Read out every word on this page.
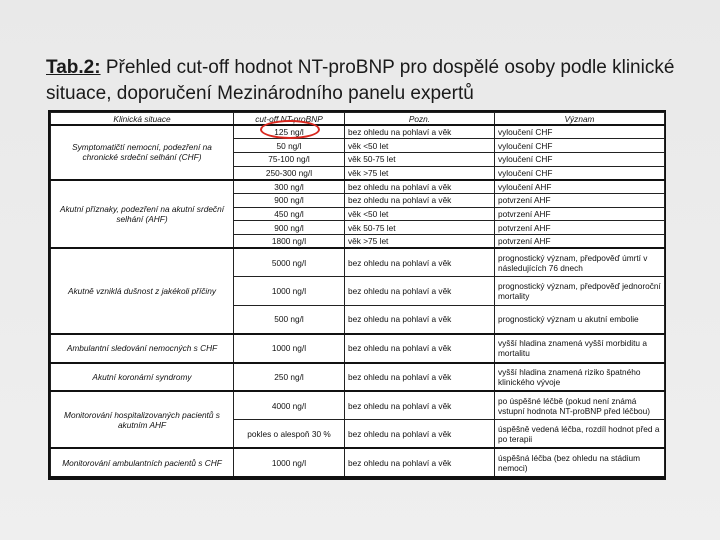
Tab.2: Přehled cut-off hodnot NT-proBNP pro dospělé osoby podle klinické situace, doporučení Mezinárodního panelu expertů
Klinická situace	cut-off NT-proBNP	Pozn.	Význam
Symptomatičtí nemocní, podezření na chronické srdeční selhání (CHF)	125 ng/l	bez ohledu na pohlaví a věk	vyloučení CHF
	50 ng/l	věk <50 let	vyloučení CHF
	75-100 ng/l	věk 50-75 let	vyloučení CHF
	250-300 ng/l	věk >75 let	vyloučení CHF
Akutní příznaky, podezření na akutní srdeční selhání (AHF)	300 ng/l	bez ohledu na pohlaví a věk	vyloučení AHF
	900 ng/l	bez ohledu na pohlaví a věk	potvrzení AHF
	450 ng/l	věk <50 let	potvrzení AHF
	900 ng/l	věk 50-75 let	potvrzení AHF
	1800 ng/l	věk >75 let	potvrzení AHF
Akutně vzniklá dušnost z jakékoli příčiny	5000 ng/l	bez ohledu na pohlaví a věk	prognostický význam, předpověď úmrtí v následujících 76 dnech
	1000 ng/l	bez ohledu na pohlaví a věk	prognostický význam, předpověď jednoroční mortality
	500 ng/l	bez ohledu na pohlaví a věk	prognostický význam u akutní embolie
Ambulantní sledování nemocných s CHF	1000 ng/l	bez ohledu na pohlaví a věk	vyšší hladina znamená vyšší morbiditu a mortalitu
Akutní koronární syndromy	250 ng/l	bez ohledu na pohlaví a věk	vyšší hladina znamená riziko špatného klinického vývoje
Monitorování hospitalizovaných pacientů s akutním AHF	4000 ng/l	bez ohledu na pohlaví a věk	po úspěšné léčbě (pokud není známá vstupní hodnota NT-proBNP před léčbou)
	pokles o alespoň 30 %	bez ohledu na pohlaví a věk	úspěšně vedená léčba, rozdíl hodnot před a po terapii
Monitorování ambulantních pacientů s CHF	1000 ng/l	bez ohledu na pohlaví a věk	úspěšná léčba (bez ohledu na stádium nemoci)
